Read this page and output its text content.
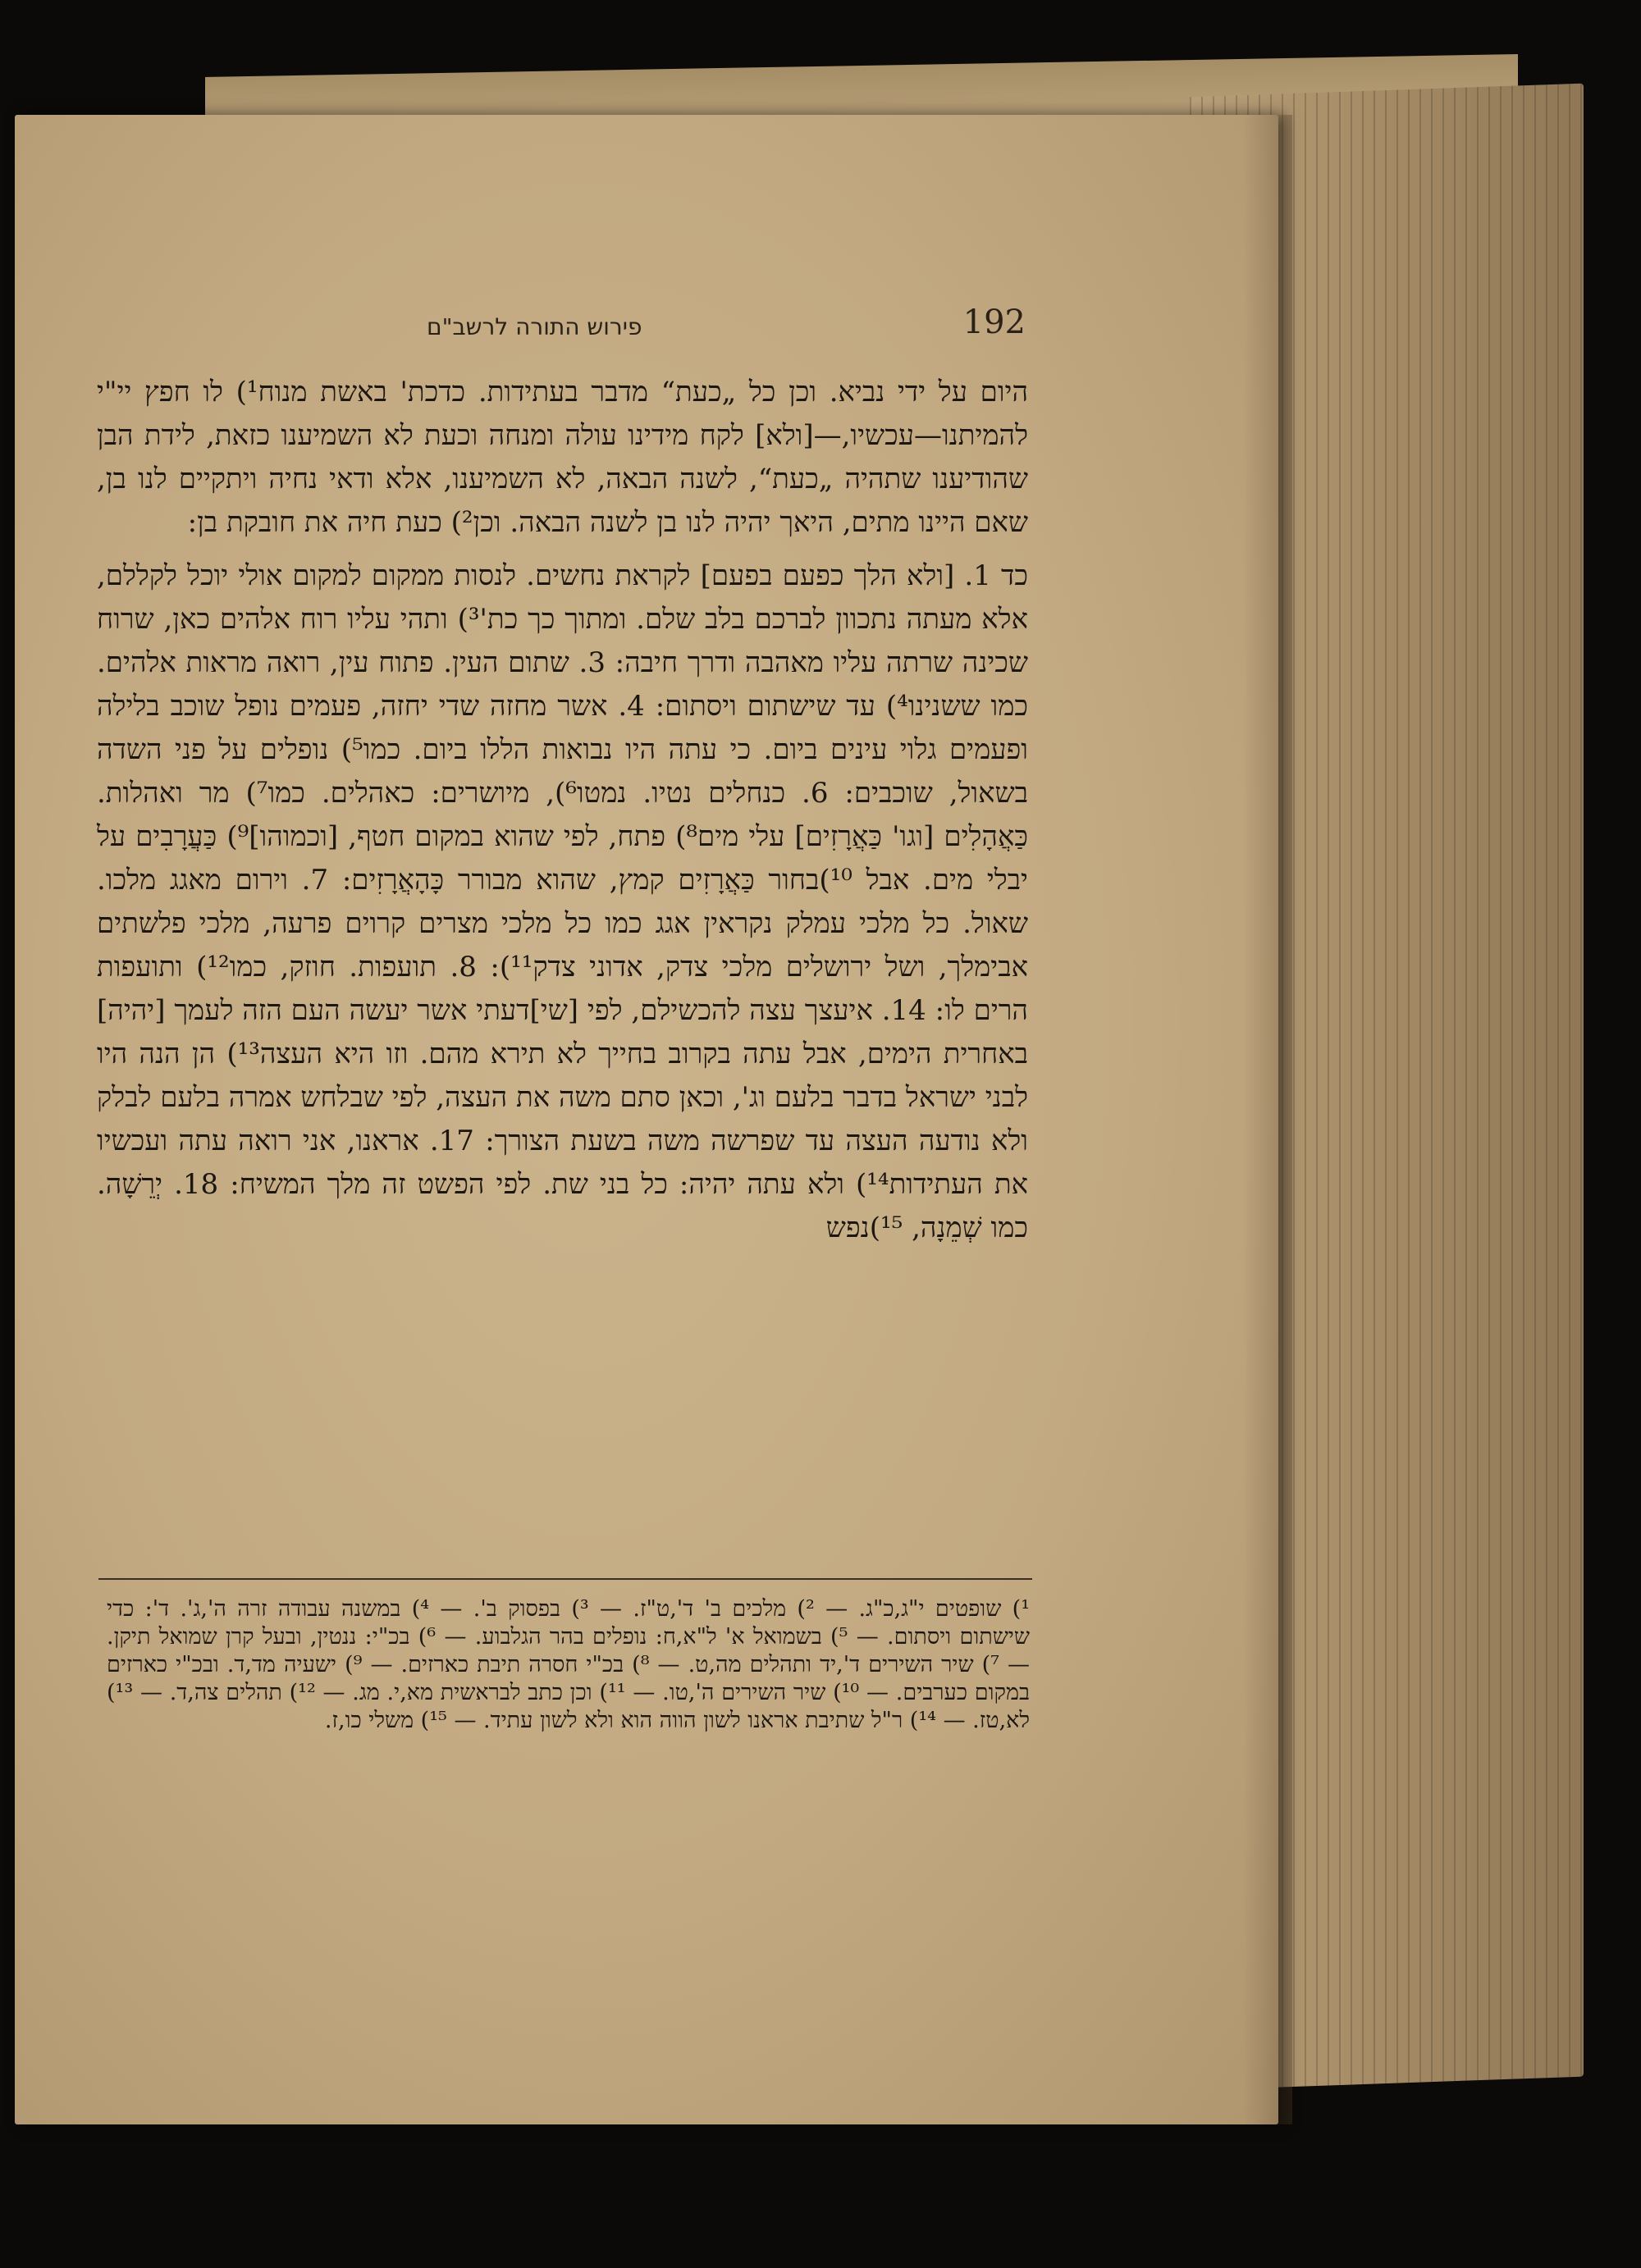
פירוש התורה לרשב"ם	192

היום על ידי נביא. וכן כל „כעת“ מדבר בעתידות. כדכת' באשת מנוח¹) לו חפץ יי"י להמיתנו—עכשיו,—[ולא] לקח מידינו עולה ומנחה וכעת לא השמיענו כזאת, לידת הבן שהודיענו שתהיה „כעת“, לשנה הבאה, לא השמיענו, אלא ודאי נחיה ויתקיים לנו בן, שאם היינו מתים, היאך יהיה לנו בן לשנה הבאה. וכן²) כעת חיה את חובקת בן:

כד 1. [ולא הלך כפעם בפעם] לקראת נחשים. לנסות ממקום למקום אולי יוכל לקללם, אלא מעתה נתכוון לברכם בלב שלם. ומתוך כך כת'³) ותהי עליו רוח אלהים כאן, שרוח שכינה שרתה עליו מאהבה ודרך חיבה: 3. שתום העין. פתוח עין, רואה מראות אלהים. כמו ששנינו⁴) עד שישתום ויסתום: 4. אשר מחזה שדי יחזה, פעמים נופל שוכב בלילה ופעמים גלוי עינים ביום. כי עתה היו נבואות הללו ביום. כמו⁵) נופלים על פני השדה בשאול, שוכבים: 6. כנחלים נטיו. נמטו⁶), מיושרים: כאהלים. כמו⁷) מר ואהלות. כַּאֲהָלִים [וגו' כַּאֲרָזִים] עלי מים⁸) פתח, לפי שהוא במקום חטף, [וכמוהו]⁹) כַּעֲרָבִים על יבלי מים. אבל ¹⁰)בחור כַּאֲרָזִים קמץ, שהוא מבורר כָּהָאֲרָזִים: 7. וירום מאגג מלכו. שאול. כל מלכי עמלק נקראין אגג כמו כל מלכי מצרים קרוים פרעה, מלכי פלשתים אבימלך, ושל ירושלים מלכי צדק, אדוני צדק¹¹): 8. תועפות. חוזק, כמו¹²) ותועפות הרים לו: 14. איעצך עצה להכשילם, לפי [שי]דעתי אשר יעשה העם הזה לעמך [יהיה] באחרית הימים, אבל עתה בקרוב בחייך לא תירא מהם. וזו היא העצה¹³) הן הנה היו לבני ישראל בדבר בלעם וג', וכאן סתם משה את העצה, לפי שבלחש אמרה בלעם לבלק ולא נודעה העצה עד שפרשה משה בשעת הצורך: 17. אראנו, אני רואה עתה ועכשיו את העתידות¹⁴) ולא עתה יהיה: כל בני שת. לפי הפשט זה מלך המשיח: 18. יְרֵשָׁה. כמו שְׁמֵנָה, ¹⁵)נפש

¹) שופטים י"ג,כ"ג. — ²) מלכים ב' ד',ט"ז. — ³) בפסוק ב'. — ⁴) במשנה עבודה זרה ה',ג'. ד': כדי שישתום ויסתום. — ⁵) בשמואל א' ל"א,ח: נופלים בהר הגלבוע. — ⁶) בכ"י: ננטין, ובעל קרן שמואל תיקן. — ⁷) שיר השירים ד',יד ותהלים מה,ט. — ⁸) בכ"י חסרה תיבת כארזים. — ⁹) ישעיה מד,ד. ובכ"י כארזים במקום כערבים. — ¹⁰) שיר השירים ה',טו. — ¹¹) וכן כתב לבראשית מא,י. מג. — ¹²) תהלים צה,ד. — ¹³) לא,טז. — ¹⁴) ר"ל שתיבת אראנו לשון הווה הוא ולא לשון עתיד. — ¹⁵) משלי כו,ז.
